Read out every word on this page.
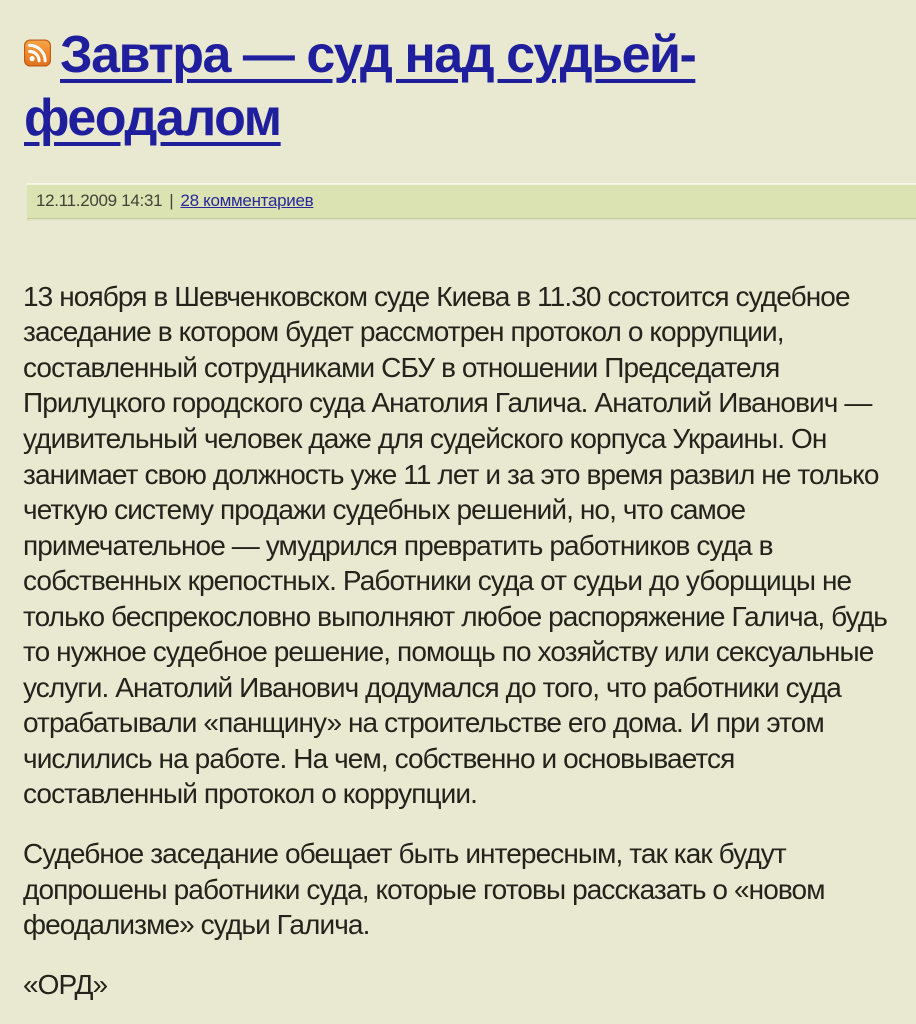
Завтра — суд над судьей-феодалом
12.11.2009 14:31 | 28 комментариев

13 ноября в Шевченковском суде Киева в 11.30 состоится судебное заседание в котором будет рассмотрен протокол о коррупции, составленный сотрудниками СБУ в отношении Председателя Прилуцкого городского суда Анатолия Галича. Анатолий Иванович — удивительный человек даже для судейского корпуса Украины. Он занимает свою должность уже 11 лет и за это время развил не только четкую систему продажи судебных решений, но, что самое примечательное — умудрился превратить работников суда в собственных крепостных. Работники суда от судьи до уборщицы не только беспрекословно выполняют любое распоряжение Галича, будь то нужное судебное решение, помощь по хозяйству или сексуальные услуги. Анатолий Иванович додумался до того, что работники суда отрабатывали «панщину» на строительстве его дома. И при этом числились на работе. На чем, собственно и основывается составленный протокол о коррупции.

Судебное заседание обещает быть интересным, так как будут допрошены работники суда, которые готовы рассказать о «новом феодализме» судьи Галича.

«ОРД»
